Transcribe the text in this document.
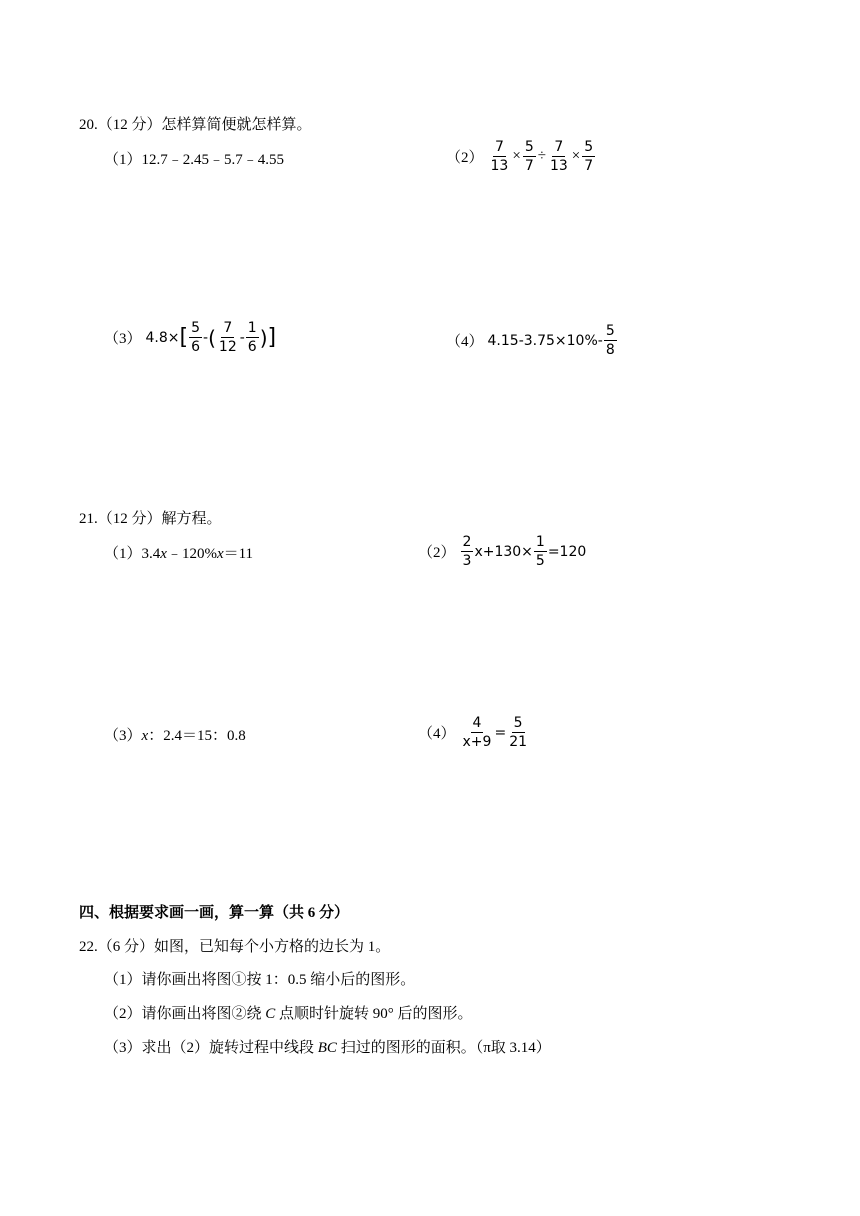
20.（12 分）怎样算简便就怎样算。
（1）12.7﹣2.45﹣5.7﹣4.55	$(2) \frac{7}{13} \times \frac{5}{7} \div \frac{7}{13} \times \frac{5}{7}$
（3） 4.8× [ $\frac{5}{6}$ - ( $\frac{7}{12} - \frac{1}{6}$ ) ]	（4） $4.15-3.75\times 10\%- \frac{5}{8}$
21.（12 分）解方程。
（1）3.4x﹣120%x＝11	$(2) \frac{2}{3} x+130\times \frac{1}{5} =120$
（3）x：2.4＝15：0.8	$(4) \frac{4}{x+9} = \frac{5}{21}$
四、根据要求画一画，算一算（共 6 分）
22.（6 分）如图，已知每个小方格的边长为 1。
（1）请你画出将图①按 1：0.5 缩小后的图形。
（2）请你画出将图②绕 C 点顺时针旋转 90° 后的图形。
（3）求出（2）旋转过程中线段 BC 扫过的图形的面积。（π取 3.14）
